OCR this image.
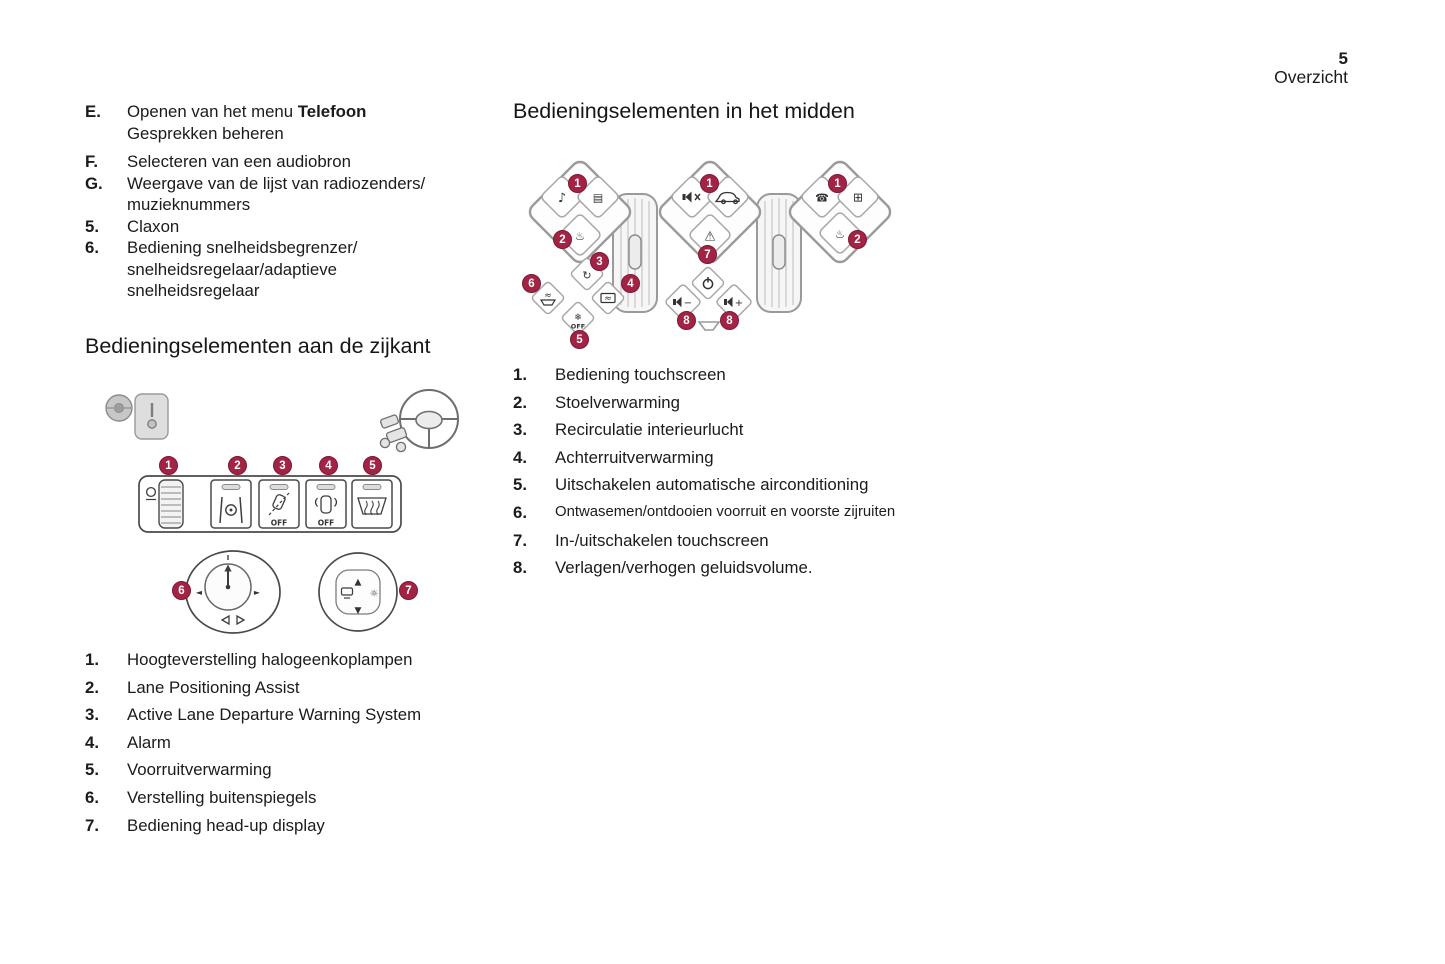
5
Overzicht
E.	Openen van het menu Telefoon
Gesprekken beheren
F.	Selecteren van een audiobron
G.	Weergave van de lijst van radiozenders/
muzieknummers
5.	Claxon
6.	Bediening snelheidsbegrenzer/
snelheidsregelaar/adaptieve
snelheidsregelaar
Bedieningselementen aan de zijkant
Bedieningselementen in het midden
OFF	OFF
◄	►
▲
▼
☼
1	2	3	4	5
6	7
♪ ▤
♨	⚠
☎ ⊞
♨
↻
≈	≈
❄
OFF
−	+
1	1	1
2	2
3
4
5
6
7
8	8
1.	Hoogteverstelling halogeenkoplampen
2.	Lane Positioning Assist
3.	Active Lane Departure Warning System
4.	Alarm
5.	Voorruitverwarming
6.	Verstelling buitenspiegels
7.	Bediening head-up display
1.	Bediening touchscreen
2.	Stoelverwarming
3.	Recirculatie interieurlucht
4.	Achterruitverwarming
5.	Uitschakelen automatische airconditioning
6.	Ontwasemen/ontdooien voorruit en voorste zijruiten
7.	In-/uitschakelen touchscreen
8.	Verlagen/verhogen geluidsvolume.
